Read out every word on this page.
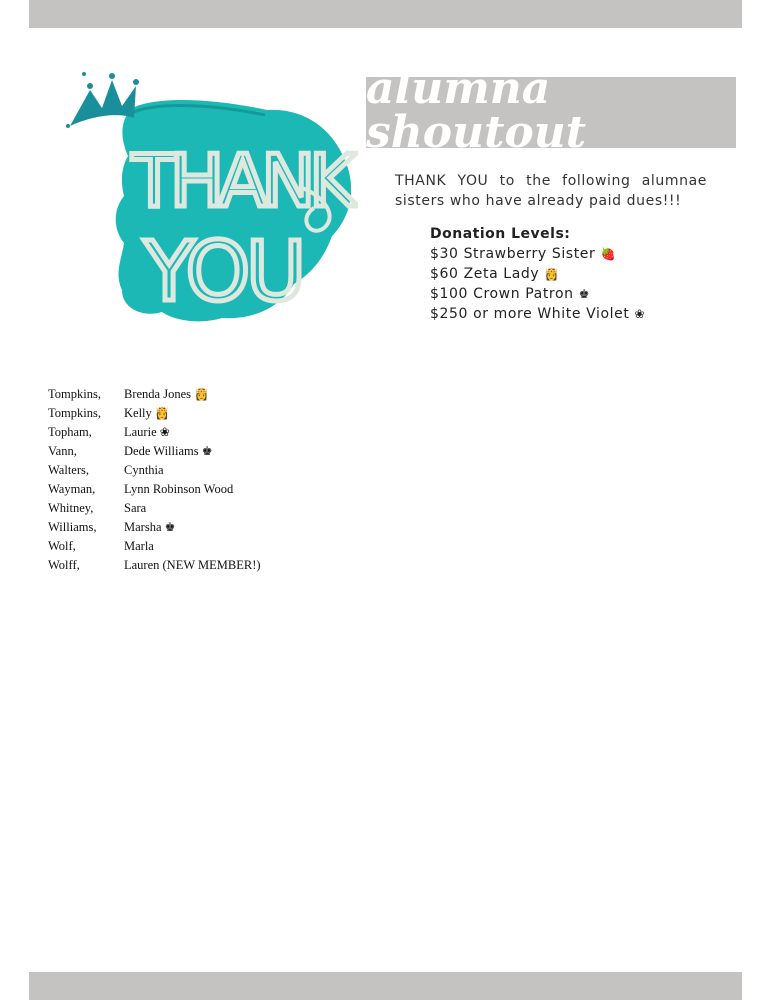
THANK
YOU
alumna shoutout
THANK YOU to the following alumnae sisters who have already paid dues!!!
Donation Levels:
$30 Strawberry Sister 🍓
$60 Zeta Lady 👸
$100 Crown Patron ♚
$250 or more White Violet ❀
Tompkins, Brenda Jones 👸
Tompkins, Kelly 👸
Topham,	Laurie ❀
Vann,	Dede Williams ♚
Walters,	Cynthia
Wayman, Lynn Robinson Wood
Whitney, Sara
Williams, Marsha ♚
Wolf,	Marla
Wolff,	Lauren (NEW MEMBER!)
